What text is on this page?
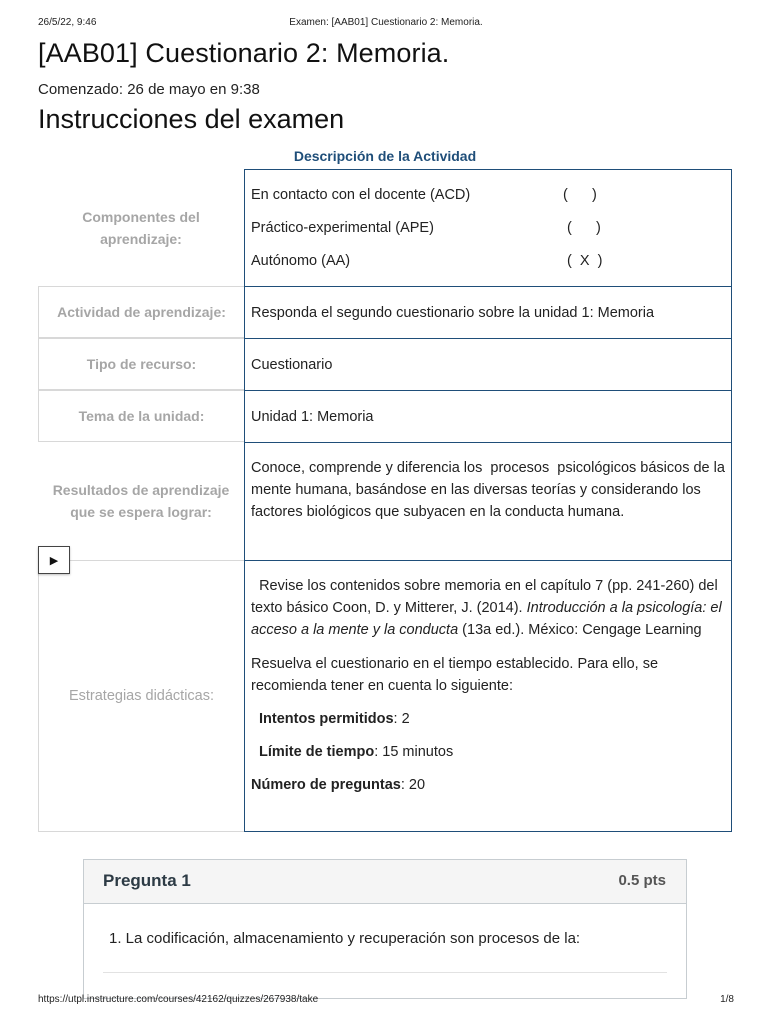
26/5/22, 9:46	Examen: [AAB01] Cuestionario 2: Memoria.
[AAB01] Cuestionario 2: Memoria.
Comenzado: 26 de mayo en 9:38
Instrucciones del examen
Descripción de la Actividad
Componentes del aprendizaje:
En contacto con el docente (ACD)	(      )
Práctico-experimental (APE)	(      )
Autónomo (AA)	(  X  )
Actividad de aprendizaje: Responda el segundo cuestionario sobre la unidad 1: Memoria
Tipo de recurso:	Cuestionario
Tema de la unidad:	Unidad 1: Memoria
Resultados de aprendizaje que se espera lograr:

Conoce, comprende y diferencia los  procesos  psicológicos básicos de la mente humana, basándose en las diversas teorías y considerando los factores biológicos que subyacen en la conducta humana.

Estrategias didácticas:

Revise los contenidos sobre memoria en el capítulo 7 (pp. 241-260) del texto básico Coon, D. y Mitterer, J. (2014). Introducción a la psicología: el acceso a la mente y la conducta (13a ed.). México: Cengage Learning

Resuelva el cuestionario en el tiempo establecido. Para ello, se recomienda tener en cuenta lo siguiente:

Intentos permitidos: 2

Límite de tiempo: 15 minutos

Número de preguntas: 20

▶
Pregunta 1	0.5 pts
1. La codificación, almacenamiento y recuperación son procesos de la:
https://utpl.instructure.com/courses/42162/quizzes/267938/take	1/8
